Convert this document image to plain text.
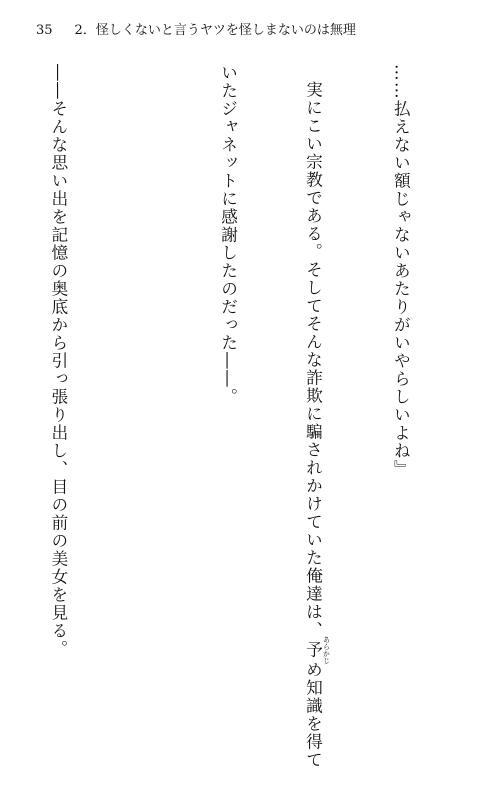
35 2．怪しくないと言うヤツを怪しまないのは無理

……払えない額じゃないあたりがいやらしいよね』

実にこい宗教である。そしてそんな詐欺に騙されかけていた俺達は、予 あらかじめ知識を得て

いたジャネットに感謝したのだった――。

――そんな思い出を記憶の奥底から引っ張り出し、目の前の美女を見る。
